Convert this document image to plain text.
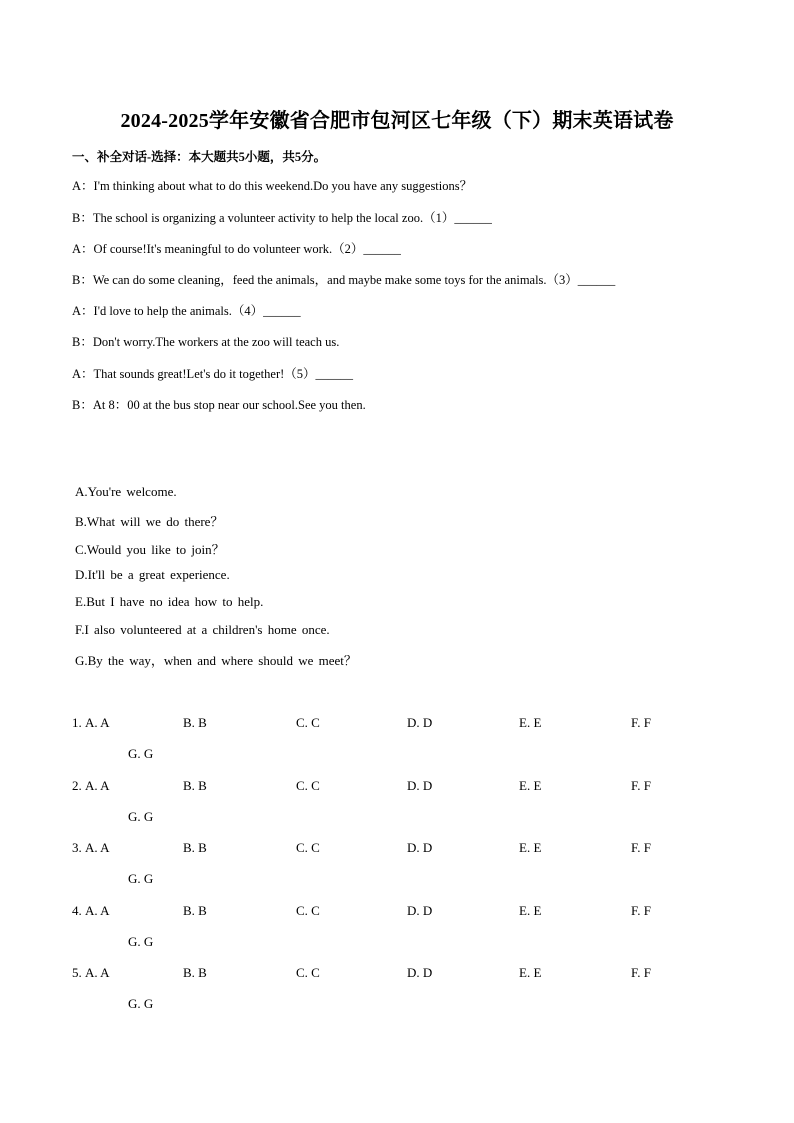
2024-2025学年安徽省合肥市包河区七年级（下）期末英语试卷
一、补全对话-选择：本大题共5小题，共5分。
A：I'm thinking about what to do this weekend.Do you have any suggestions？
B：The school is organizing a volunteer activity to help the local zoo.（1）______
A：Of course!It's meaningful to do volunteer work.（2）______
B：We can do some cleaning，feed the animals，and maybe make some toys for the animals.（3）______
A：I'd love to help the animals.（4）______
B：Don't worry.The workers at the zoo will teach us.
A：That sounds great!Let's do it together!（5）______
B：At 8：00 at the bus stop near our school.See you then.
A.You're welcome.
B.What will we do there？
C.Would you like to join？
D.It'll be a great experience.
E.But I have no idea how to help.
F.I also volunteered at a children's home once.
G.By the way，when and where should we meet？
1. A. A	B. B	C. C	D. D	E. E	F. F
G. G
2. A. A	B. B	C. C	D. D	E. E	F. F
G. G
3. A. A	B. B	C. C	D. D	E. E	F. F
G. G
4. A. A	B. B	C. C	D. D	E. E	F. F
G. G
5. A. A	B. B	C. C	D. D	E. E	F. F
G. G
